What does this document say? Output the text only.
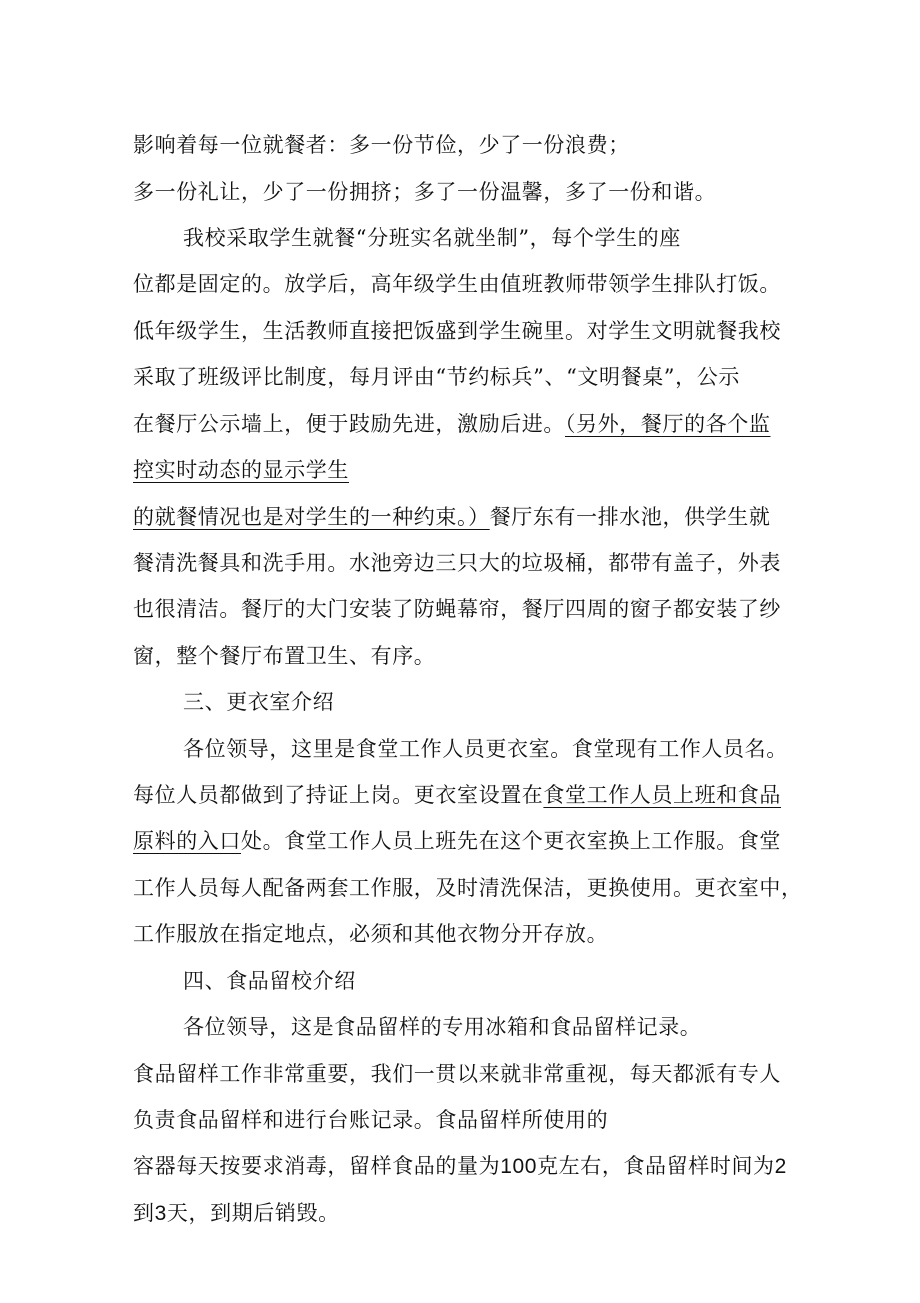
影响着每一位就餐者：多一份节俭，少了一份浪费；
多一份礼让，少了一份拥挤；多了一份温馨，多了一份和谐。
我校采取学生就餐“分班实名就坐制”，每个学生的座
位都是固定的。放学后，高年级学生由值班教师带领学生排队打饭。
低年级学生，生活教师直接把饭盛到学生碗里。对学生文明就餐我校
采取了班级评比制度，每月评由“节约标兵”、“文明餐桌”，公示
在餐厅公示墙上，便于跂励先进，激励后进。（另外，餐厅的各个监
控实时动态的显示学生
的就餐情况也是对学生的一种约束。）餐厅东有一排水池，供学生就
餐清洗餐具和洗手用。水池旁边三只大的垃圾桶，都带有盖子，外表
也很清洁。餐厅的大门安装了防蝇幕帘，餐厅四周的窗子都安装了纱
窗，整个餐厅布置卫生、有序。
三、更衣室介绍
各位领导，这里是食堂工作人员更衣室。食堂现有工作人员名。
每位人员都做到了持证上岗。更衣室设置在食堂工作人员上班和食品
原料的入口处。食堂工作人员上班先在这个更衣室换上工作服。食堂
工作人员每人配备两套工作服，及时清洗保洁，更换使用。更衣室中，
工作服放在指定地点，必须和其他衣物分开存放。
四、食品留校介绍
各位领导，这是食品留样的专用冰箱和食品留样记录。
食品留样工作非常重要，我们一贯以来就非常重视，每天都派有专人
负责食品留样和进行台账记录。食品留样所使用的
容器每天按要求消毒，留样食品的量为100克左右，食品留样时间为2
到3天，到期后销毁。
